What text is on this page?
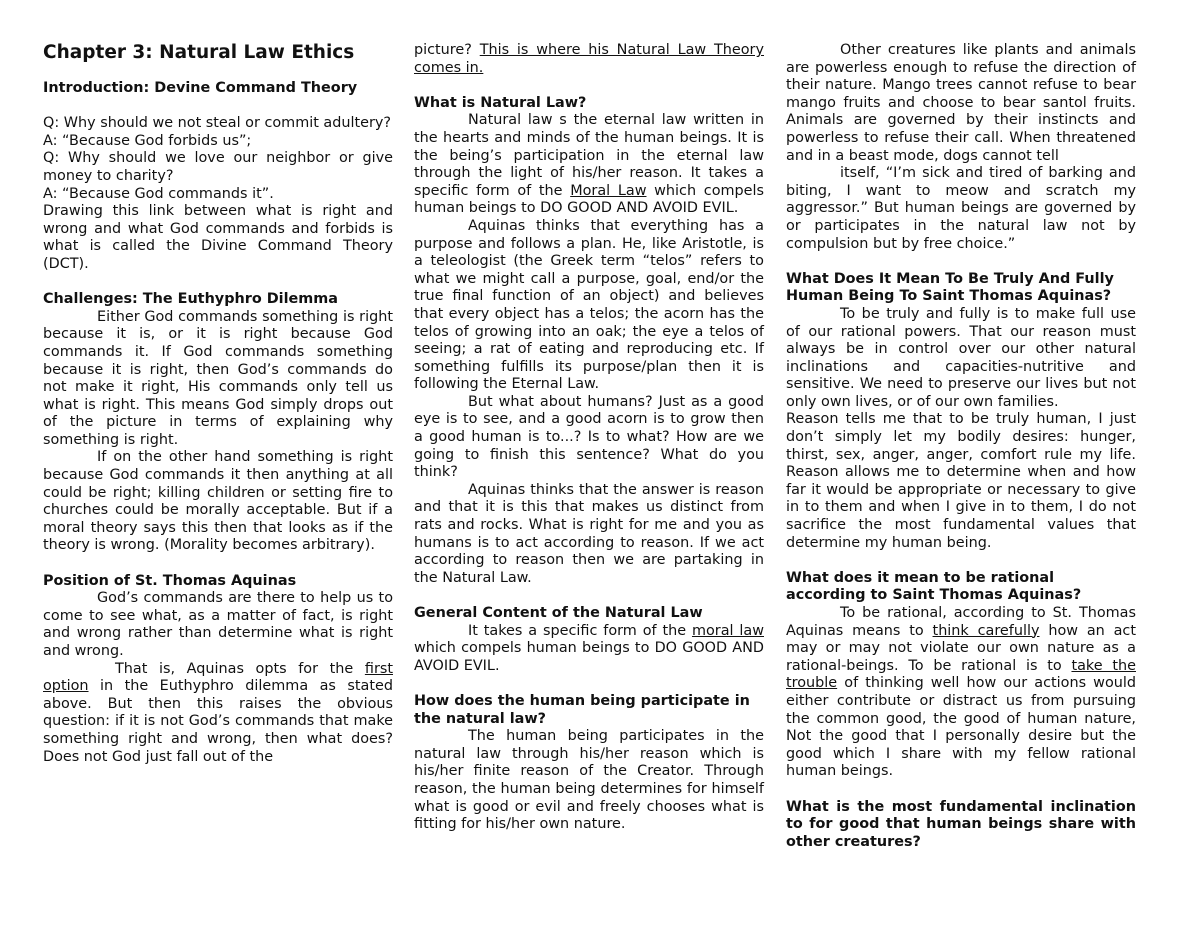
Chapter 3: Natural Law Ethics
Introduction: Devine Command Theory
Q: Why should we not steal or commit adultery?
A: “Because God forbids us”;
Q: Why should we love our neighbor or give money to charity?
A: “Because God commands it”.
Drawing this link between what is right and wrong and what God commands and forbids is what is called the Divine Command Theory (DCT).
Challenges: The Euthyphro Dilemma
Either God commands something is right because it is, or it is right because God commands it. If God commands something because it is right, then God’s commands do not make it right, His commands only tell us what is right. This means God simply drops out of the picture in terms of explaining why something is right.
If on the other hand something is right because God commands it then anything at all could be right; killing children or setting fire to churches could be morally acceptable. But if a moral theory says this then that looks as if the theory is wrong. (Morality becomes arbitrary).
Position of St. Thomas Aquinas
God’s commands are there to help us to come to see what, as a matter of fact, is right and wrong rather than determine what is right and wrong.
That is, Aquinas opts for the first option in the Euthyphro dilemma as stated above. But then this raises the obvious question: if it is not God’s commands that make something right and wrong, then what does? Does not God just fall out of the
picture? This is where his Natural Law Theory comes in.
What is Natural Law?
Natural law s the eternal law written in the hearts and minds of the human beings. It is the being’s participation in the eternal law through the light of his/her reason. It takes a specific form of the Moral Law which compels human beings to DO GOOD AND AVOID EVIL.
Aquinas thinks that everything has a purpose and follows a plan. He, like Aristotle, is a teleologist (the Greek term “telos” refers to what we might call a purpose, goal, end/or the true final function of an object) and believes that every object has a telos; the acorn has the telos of growing into an oak; the eye a telos of seeing; a rat of eating and reproducing etc. If something fulfills its purpose/plan then it is following the Eternal Law.
But what about humans? Just as a good eye is to see, and a good acorn is to grow then a good human is to...? Is to what? How are we going to finish this sentence? What do you think?
Aquinas thinks that the answer is reason and that it is this that makes us distinct from rats and rocks. What is right for me and you as humans is to act according to reason. If we act according to reason then we are partaking in the Natural Law.
General Content of the Natural Law
It takes a specific form of the moral law which compels human beings to DO GOOD AND AVOID EVIL.
How does the human being participate in the natural law?
The human being participates in the natural law through his/her reason which is his/her finite reason of the Creator. Through reason, the human being determines for himself what is good or evil and freely chooses what is fitting for his/her own nature.
Other creatures like plants and animals are powerless enough to refuse the direction of their nature. Mango trees cannot refuse to bear mango fruits and choose to bear santol fruits. Animals are governed by their instincts and powerless to refuse their call. When threatened and in a beast mode, dogs cannot tell
itself, “I’m sick and tired of barking and biting, I want to meow and scratch my aggressor.” But human beings are governed by or participates in the natural law not by compulsion but by free choice.”
What Does It Mean To Be Truly And Fully Human Being To Saint Thomas Aquinas?
To be truly and fully is to make full use of our rational powers. That our reason must always be in control over our other natural inclinations and capacities-nutritive and sensitive. We need to preserve our lives but not only own lives, or of our own families.
Reason tells me that to be truly human, I just don’t simply let my bodily desires: hunger, thirst, sex, anger, anger, comfort rule my life. Reason allows me to determine when and how far it would be appropriate or necessary to give in to them and when I give in to them, I do not sacrifice the most fundamental values that determine my human being.
What does it mean to be rational according to Saint Thomas Aquinas?
To be rational, according to St. Thomas Aquinas means to think carefully how an act may or may not violate our own nature as a rational-beings. To be rational is to take the trouble of thinking well how our actions would either contribute or distract us from pursuing the common good, the good of human nature, Not the good that I personally desire but the good which I share with my fellow rational human beings.
What is the most fundamental inclination to for good that human beings share with other creatures?
